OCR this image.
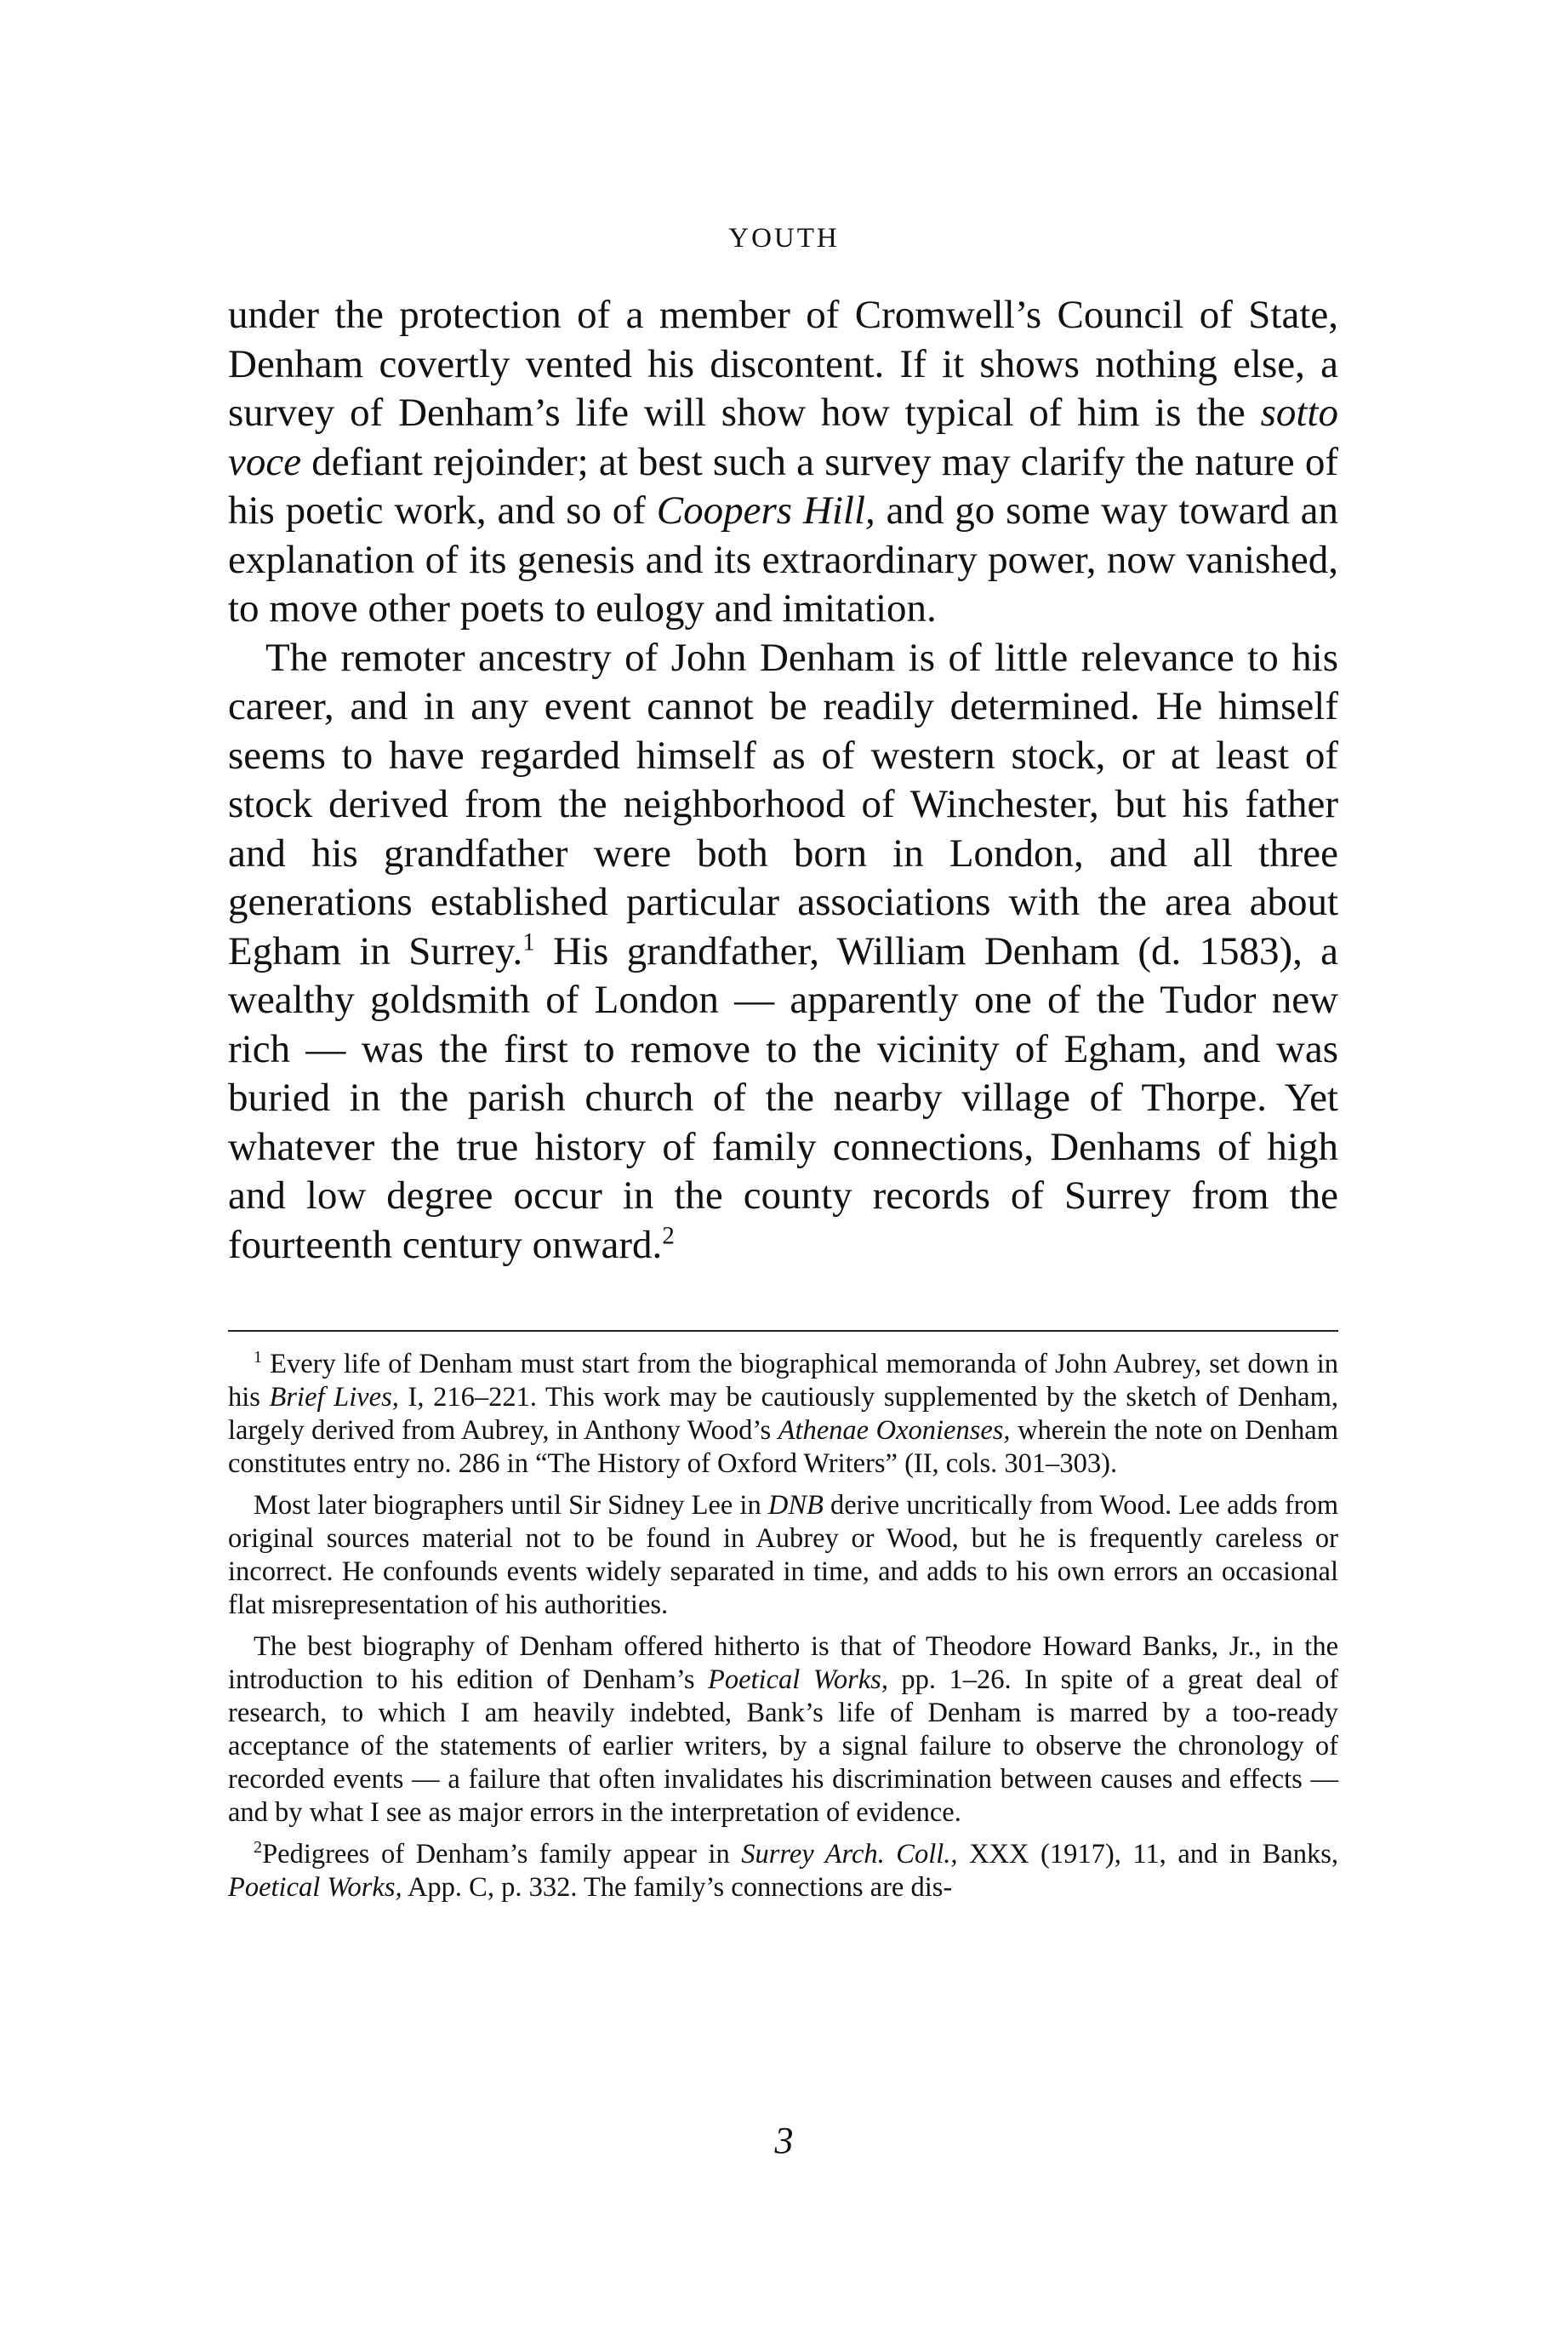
YOUTH

under the protection of a member of Cromwell’s Council of State, Denham covertly vented his discontent. If it shows nothing else, a survey of Denham’s life will show how typical of him is the sotto voce defiant rejoinder; at best such a survey may clarify the nature of his poetic work, and so of Coopers Hill, and go some way toward an explanation of its genesis and its extraordinary power, now vanished, to move other poets to eulogy and imitation.

The remoter ancestry of John Denham is of little relevance to his career, and in any event cannot be readily determined. He himself seems to have regarded himself as of western stock, or at least of stock derived from the neighborhood of Winchester, but his father and his grandfather were both born in London, and all three generations established particular associations with the area about Egham in Surrey.$^1$ His grandfather, William Denham (d. 1583), a wealthy goldsmith of London — apparently one of the Tudor new rich — was the first to remove to the vicinity of Egham, and was buried in the parish church of the nearby village of Thorpe. Yet whatever the true history of family connections, Denhams of high and low degree occur in the county records of Surrey from the fourteenth century onward.$^2$

$^1$ Every life of Denham must start from the biographical memoranda of John Aubrey, set down in his Brief Lives, I, 216–221. This work may be cautiously supplemented by the sketch of Denham, largely derived from Aubrey, in Anthony Wood’s Athenae Oxonienses, wherein the note on Denham constitutes entry no. 286 in “The History of Oxford Writers” (II, cols. 301–303).

Most later biographers until Sir Sidney Lee in DNB derive uncritically from Wood. Lee adds from original sources material not to be found in Aubrey or Wood, but he is frequently careless or incorrect. He confounds events widely separated in time, and adds to his own errors an occasional flat misrepresentation of his authorities.

The best biography of Denham offered hitherto is that of Theodore Howard Banks, Jr., in the introduction to his edition of Denham’s Poetical Works, pp. 1–26. In spite of a great deal of research, to which I am heavily indebted, Bank’s life of Denham is marred by a too-ready acceptance of the statements of earlier writers, by a signal failure to observe the chronology of recorded events — a failure that often invalidates his discrimination between causes and effects — and by what I see as major errors in the interpretation of evidence.

$^2$Pedigrees of Denham’s family appear in Surrey Arch. Coll., XXX (1917), 11, and in Banks, Poetical Works, App. C, p. 332. The family’s connections are dis-

3
